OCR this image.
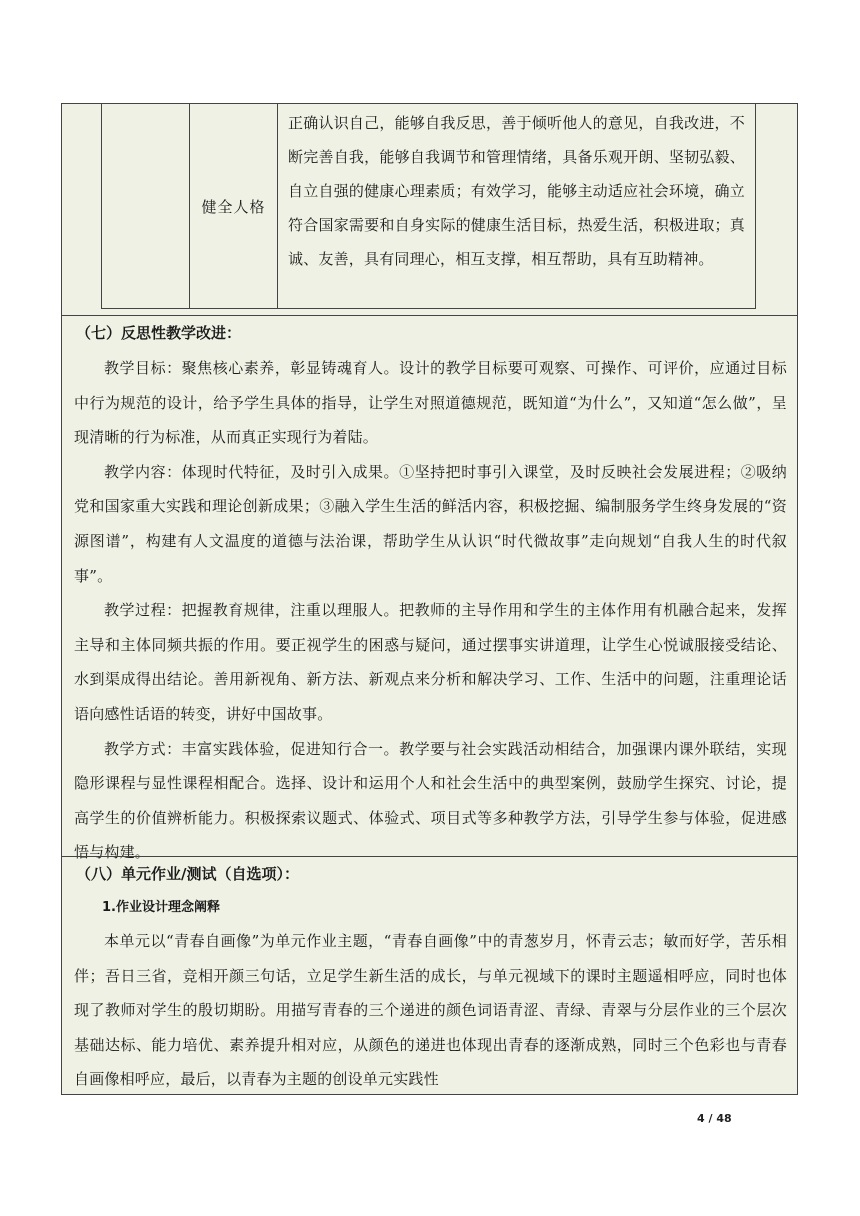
健全人格
正确认识自己，能够自我反思，善于倾听他人的意见，自我改进，不断完善自我，能够自我调节和管理情绪，具备乐观开朗、坚韧弘毅、自立自强的健康心理素质；有效学习，能够主动适应社会环境，确立符合国家需要和自身实际的健康生活目标，热爱生活，积极进取；真诚、友善，具有同理心，相互支撑，相互帮助，具有互助精神。
（七）反思性教学改进：
教学目标：聚焦核心素养，彰显铸魂育人。设计的教学目标要可观察、可操作、可评价，应通过目标中行为规范的设计，给予学生具体的指导，让学生对照道德规范，既知道“为什么”，又知道“怎么做”，呈现清晰的行为标准，从而真正实现行为着陆。
教学内容：体现时代特征，及时引入成果。①坚持把时事引入课堂，及时反映社会发展进程；②吸纳党和国家重大实践和理论创新成果；③融入学生生活的鲜活内容，积极挖掘、编制服务学生终身发展的“资源图谱”，构建有人文温度的道德与法治课，帮助学生从认识“时代微故事”走向规划“自我人生的时代叙事”。
教学过程：把握教育规律，注重以理服人。把教师的主导作用和学生的主体作用有机融合起来，发挥主导和主体同频共振的作用。要正视学生的困惑与疑问，通过摆事实讲道理，让学生心悦诚服接受结论、水到渠成得出结论。善用新视角、新方法、新观点来分析和解决学习、工作、生活中的问题，注重理论话语向感性话语的转变，讲好中国故事。
教学方式：丰富实践体验，促进知行合一。教学要与社会实践活动相结合，加强课内课外联结，实现隐形课程与显性课程相配合。选择、设计和运用个人和社会生活中的典型案例，鼓励学生探究、讨论，提高学生的价值辨析能力。积极探索议题式、体验式、项目式等多种教学方法，引导学生参与体验，促进感悟与构建。
（八）单元作业/测试（自选项）：
1.作业设计理念阐释
本单元以“青春自画像”为单元作业主题，“青春自画像”中的青葱岁月，怀青云志；敏而好学，苦乐相伴；吾日三省，竞相开颜三句话，立足学生新生活的成长，与单元视域下的课时主题遥相呼应，同时也体现了教师对学生的殷切期盼。用描写青春的三个递进的颜色词语青涩、青绿、青翠与分层作业的三个层次基础达标、能力培优、素养提升相对应，从颜色的递进也体现出青春的逐渐成熟，同时三个色彩也与青春自画像相呼应，最后，以青春为主题的创设单元实践性
4 / 48
